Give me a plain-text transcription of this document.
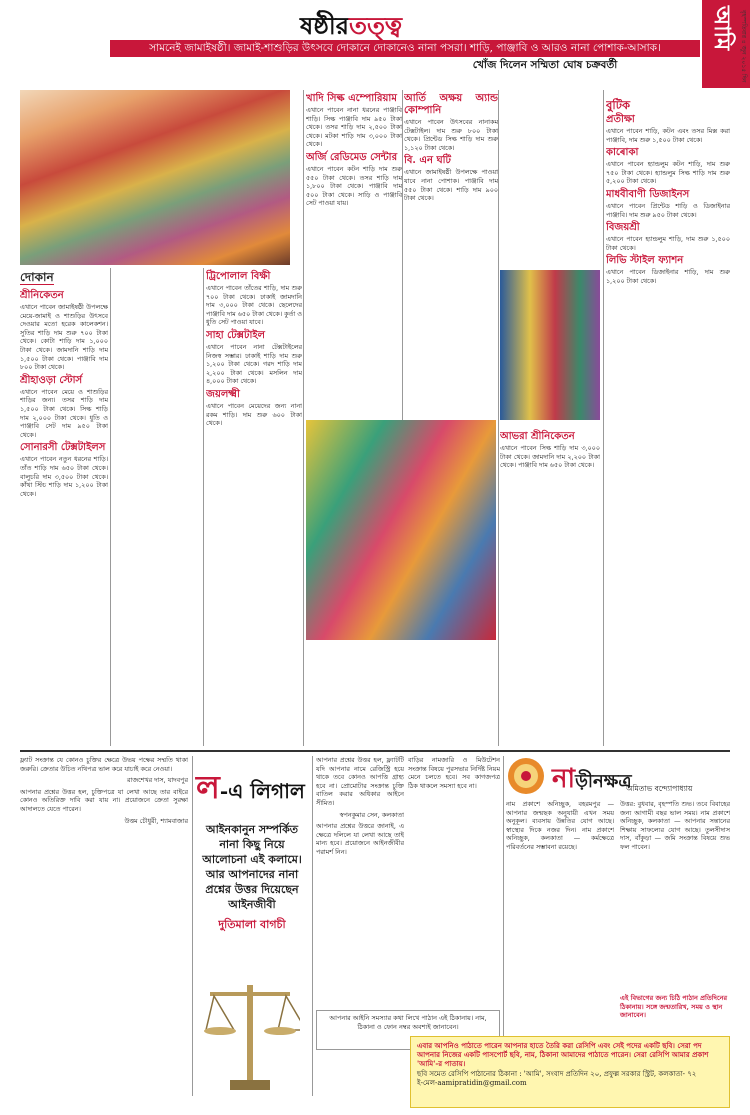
ষষ্ঠীরতত্ত্ব
সামনেই জামাইষষ্ঠী। জামাই-শাশুড়ির উৎসবে দোকানে দোকানেও নানা পসরা। শাড়ি, পাঞ্জাবি ও আরও নানা পোশাক-আসাক।
খোঁজ দিলেন সম্মিতা ঘোষ চক্রবর্তী
আমি বৃহস্পতিবার ৪ জুন ২০১৫ দিন
দোকান
শ্রীনিকেতন

এখানে পাবেন জামাইষষ্ঠী উপলক্ষে মেয়ে-জামাই ও শাশুড়ির উৎসবে দেওয়ার মতো হরেক কালেকশন। সুতির শাড়ি দাম শুরু ৭০০ টাকা থেকে। কোটা শাড়ি দাম ১,০০০ টাকা থেকে। জামদানি শাড়ি দাম ১,৫০০ টাকা থেকে। পাঞ্জাবি দাম ৮০০ টাকা থেকে।

শ্রীহাওড়া স্টোর্স

এখানে পাবেন মেয়ে ও শাশুড়ির শাড়ির জন্য। তসর শাড়ি দাম ১,৫০০ টাকা থেকে। সিল্ক শাড়ি দাম ২,০০০ টাকা থেকে। ধুতি ও পাঞ্জাবি সেট দাম ৯৫০ টাকা থেকে।

সোনারসী টেক্সটাইলস

এখানে পাবেন নতুন ধরনের শাড়ি। তাঁত শাড়ি দাম ৬৫০ টাকা থেকে। বালুচরি দাম ৩,৫০০ টাকা থেকে। কাঁথা স্টিচ শাড়ি দাম ১,২০০ টাকা থেকে।

ট্রিপোলাল বিক্ষী

এখানে পাবেন তাঁতের শাড়ি, দাম শুরু ৭০০ টাকা থেকে। ঢাকাই জামদানি দাম ৩,০০০ টাকা থেকে। ছেলেদের পাঞ্জাবি দাম ৬৫০ টাকা থেকে। কুর্তা ও ধুতি সেট পাওয়া যাবে।

সাহা টেক্সটাইল

এখানে পাবেন নানা টেক্সটাইলের নিজস্ব সম্ভার। ঢাকাই শাড়ি দাম শুরু ১,২০০ টাকা থেকে। গরদ শাড়ি দাম ২,২০০ টাকা থেকে। মসলিন দাম ৪,০০০ টাকা থেকে।

জয়লক্ষ্মী

এখানে পাবেন মেয়েদের জন্য নানা রকম শাড়ি। দাম শুরু ৬০০ টাকা থেকে।

খাদি সিল্ক এম্পোরিয়াম

এখানে পাবেন নানা ধরনের পাঞ্জাবি শাড়ি। সিল্ক পাঞ্জাবি দাম ৯৫০ টাকা থেকে। তসর শাড়ি দাম ২,৫০০ টাকা থেকে। মটকা শাড়ি দাম ৩,০০০ টাকা থেকে।

অর্জি রেডিমেড সেন্টার

এখানে পাবেন কটন শাড়ি দাম শুরু ৫৫০ টাকা থেকে। তসর শাড়ি দাম ১,৮০০ টাকা থেকে। পাঞ্জাবি দাম ৫০০ টাকা থেকে। সাড়ি ও পাঞ্জাবি সেট পাওয়া যায়।

আর্তি অক্ষয় অ্যান্ড কোম্পানি

এখানে পাবেন উৎসবের নানাকম টেক্সটাইল। দাম শুরু ৮০০ টাকা থেকে। প্রিন্টেড সিল্ক শাড়ি দাম শুরু ১,১২০ টাকা থেকে।

বি. এন ঘটি

এখানে জামাইষষ্ঠী উপলক্ষে পাওয়া যাবে নানা পোশাক। পাঞ্জাবি দাম ৫৫০ টাকা থেকে। শাড়ি দাম ৯০০ টাকা থেকে।

আভরা শ্রীনিকেতন

এখানে পাবেন সিল্ক শাড়ি দাম ৩,০০০ টাকা থেকে। জামদানি দাম ২,২০০ টাকা থেকে। পাঞ্জাবি দাম ৬৫০ টাকা থেকে।

বুটিক
প্রতীক্ষা

এখানে পাবেন শাড়ি, কটন এবং তসর মিক্স করা পাঞ্জাবি, দাম শুরু ১,৫০০ টাকা থেকে।

কাৰোকা

এখানে পাবেন হ্যান্ডলুম কটন শাড়ি, দাম শুরু ৭৫০ টাকা থেকে। হ্যান্ডলুম সিল্ক শাড়ি দাম শুরু ৫,২০০ টাকা থেকে।

মাধবীবাণী ডিজাইনস

এখানে পাবেন প্রিন্টেড শাড়ি ও ডিজাইনার পাঞ্জাবি। দাম শুরু ৯৫০ টাকা থেকে।

বিজয়শ্রী

এখানে পাবেন হ্যান্ডলুম শাড়ি, দাম শুরু ১,৫০০ টাকা থেকে।

লিভি স্টাইল ফ্যাশন

এখানে পাবেন ডিজাইনার শাড়ি, দাম শুরু ১,২০০ টাকা থেকে।

ফ্ল্যাট সংক্রান্ত যে কোনও চুক্তির ক্ষেত্রে উভয় পক্ষের সম্মতি থাকা জরুরি। ক্রেতার উচিত নথিপত্র ভাল করে যাচাই করে নেওয়া।

রাজশেখর দাস, যাদবপুর

আপনার প্রশ্নের উত্তর হল, চুক্তিপত্রে যা লেখা আছে তার বাইরে কোনও অতিরিক্ত দাবি করা যায় না। প্রয়োজনে ক্রেতা সুরক্ষা আদালতে যেতে পারেন।

উত্তম চৌধুরী, শ্যামবাজার

ল-এ লিগাল
আইনকানুন সম্পর্কিত নানা কিছু নিয়ে আলোচনা এই কলামে। আর আপনাদের নানা প্রশ্নের উত্তর দিয়েছেন আইনজীবী
দুতিমালা বাগচী

আপনার প্রশ্নের উত্তর হল, ফ্ল্যাটটি যদি আপনার নামে রেজিস্ট্রি হয়ে থাকে তবে কোনও আপত্তি গ্রাহ্য হবে না। প্রোমোটার সংক্রান্ত চুক্তি বাতিল করার অধিকার আইনে সীমিত।

স্বপনকুমার সেন, কলকাতা

আপনার প্রশ্নের উত্তরে জানাই, এ ক্ষেত্রে দলিলে যা লেখা আছে তাই মান্য হবে। প্রয়োজনে আইনজীবীর পরামর্শ নিন।

বাড়ির নামজারি ও মিউটেশন সংক্রান্ত বিষয়ে পুরসভার নির্দিষ্ট নিয়ম মেনে চলতে হবে। সব কাগজপত্র ঠিক থাকলে সমস্যা হবে না।

আপনার আইনি সমস্যার কথা লিখে পাঠান এই ঠিকানায়। নাম, ঠিকানা ও ফোন নম্বর অবশ্যই জানাবেন।
নাড়ীনক্ষত্র
অমিতাভ বন্দ্যোপাধ্যায়
নাম প্রকাশে অনিচ্ছুক, বহরমপুর — আপনার জন্মছক অনুযায়ী এখন সময় অনুকূল। ব্যবসায় উন্নতির যোগ আছে। স্বাস্থ্যের দিকে নজর দিন। নাম প্রকাশে অনিচ্ছুক, কলকাতা — কর্মক্ষেত্রে পরিবর্তনের সম্ভাবনা রয়েছে।
উত্তর: বুধবার, বৃহস্পতি শুভ। তবে বিবাহের জন্য আগামী বছর ভাল সময়। নাম প্রকাশে অনিচ্ছুক, কলকাতা — আপনার সন্তানের শিক্ষায় সাফল্যের যোগ আছে। তুলসীদাস দাস, বাঁকুড়া — জমি সংক্রান্ত বিষয়ে শুভ ফল পাবেন।
এই বিভাগের জন্য চিঠি পাঠান প্রতিদিনের ঠিকানায়। সঙ্গে জন্মতারিখ, সময় ও স্থান জানাবেন।
এবার আপনিও পাঠাতে পারেন আপনার হাতে তৈরি করা রেসিপি এবং সেই পদের একটি ছবি। সেরা পদ আপনার নিজের একটি পাসপোর্ট ছবি, নাম, ঠিকানা আমাদের পাঠাতে পারেন। সেরা রেসিপি আমার প্রকাশ 'আমি'-র পাতায়।
ছবি সমেত রেসিপি পাঠানোর ঠিকানা : 'আমি', সংবাদ প্রতিদিন ২০, প্রফুল্ল সরকার স্ট্রিট, কলকাতা- ৭২
ই-মেল-aamipratidin@gmail.com
